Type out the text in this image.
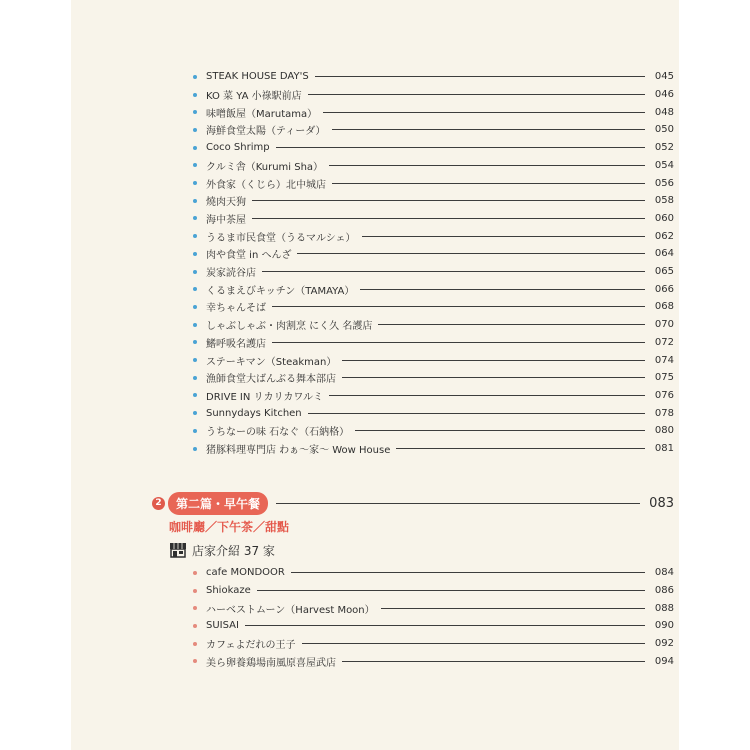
STEAK HOUSE DAY'S	045
KO 菜 YA 小祿駅前店	046
味噌飯屋（Marutama）	048
海鮮食堂太陽（ティーダ）	050
Coco Shrimp	052
クルミ舎（Kurumi Sha）	054
外食家（くじら）北中城店	056
燒肉天狗	058
海中茶屋	060
うるま市民食堂（うるマルシェ）	062
肉や食堂 in へんざ	064
炭家読谷店	065
くるまえびキッチン（TAMAYA）	066
幸ちゃんそば	068
しゃぶしゃぶ・肉割烹 にく久 名護店	070
鰭呼吸名護店	072
ステーキマン（Steakman）	074
漁師食堂大ばんぶる舞本部店	075
DRIVE IN リカリカワルミ	076
Sunnydays Kitchen	078
うちなーの味 石なぐ（石納格）	080
猪豚料理専門店 わぁ～家～ Wow House	081
2	第二篇・早午餐	083
咖啡廳／下午茶／甜點
店家介紹 37 家
cafe MONDOOR	084
Shiokaze	086
ハーベストムーン（Harvest Moon）	088
SUISAI	090
カフェよだれの王子	092
美ら卵養鶏場南風原喜屋武店	094
